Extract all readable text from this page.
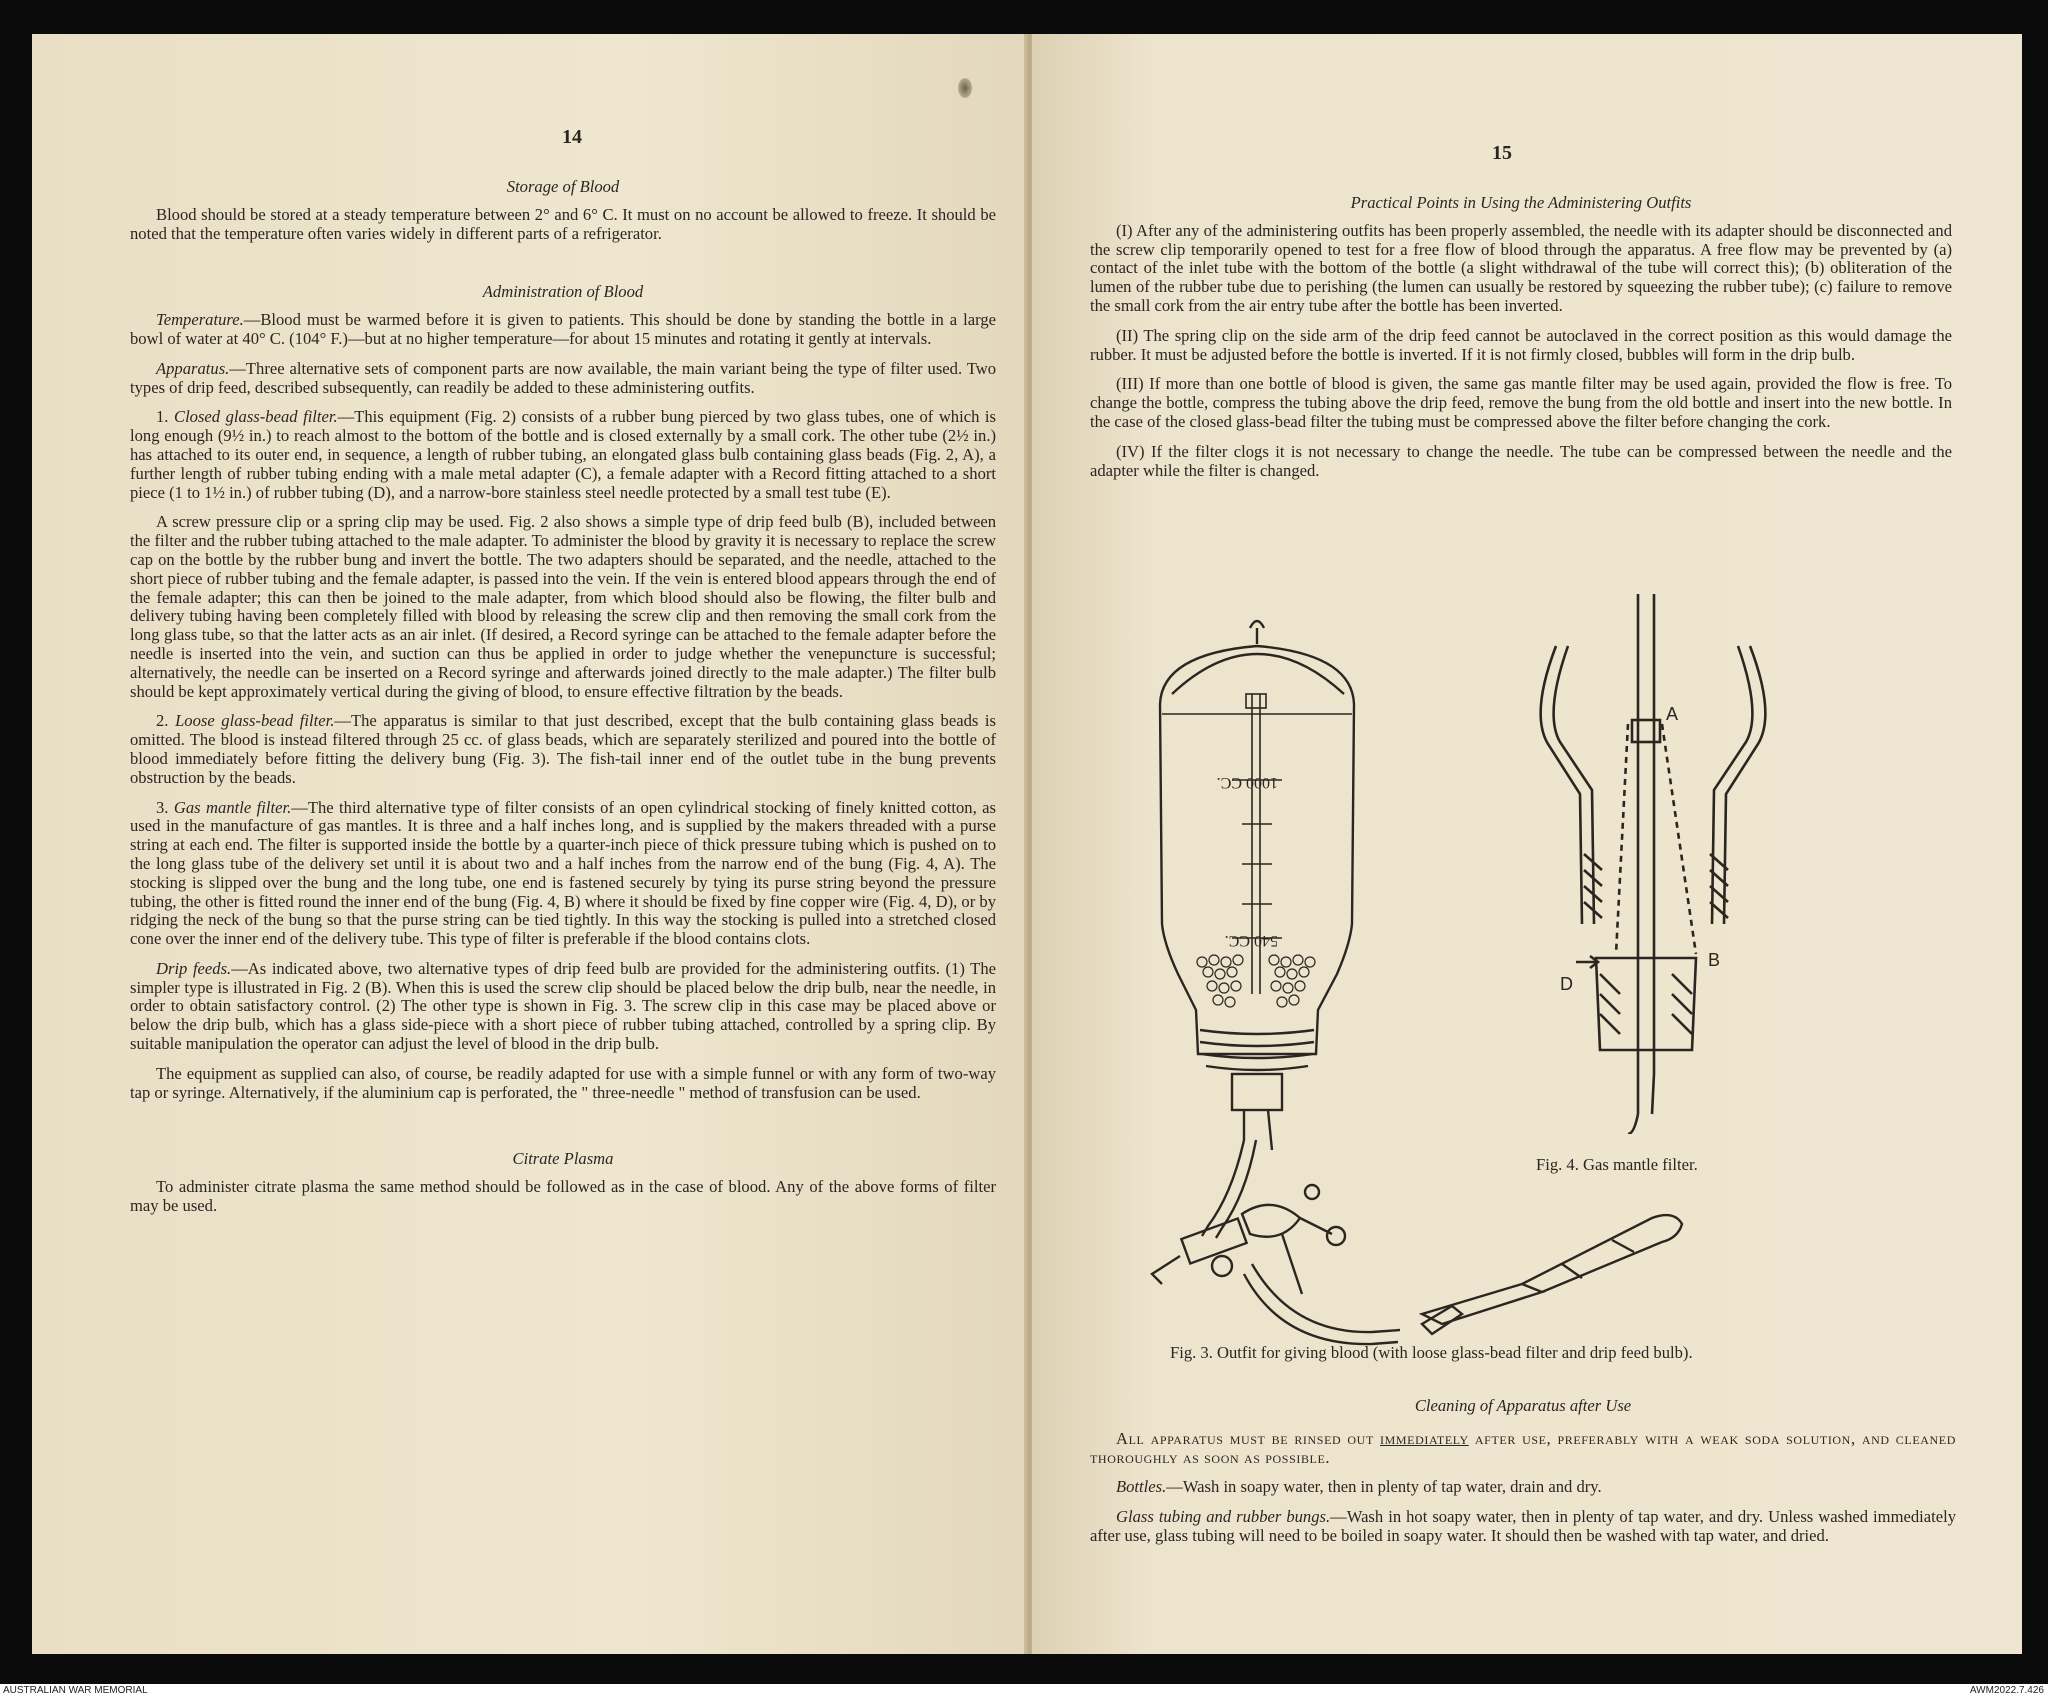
14
Storage of Blood

Blood should be stored at a steady temperature between 2° and 6° C. It must on no account be allowed to freeze. It should be noted that the temperature often varies widely in different parts of a refrigerator.

Administration of Blood

Temperature.—Blood must be warmed before it is given to patients. This should be done by standing the bottle in a large bowl of water at 40° C. (104° F.)—but at no higher temperature—for about 15 minutes and rotating it gently at intervals.

Apparatus.—Three alternative sets of component parts are now available, the main variant being the type of filter used. Two types of drip feed, described subsequently, can readily be added to these administering outfits.

1. Closed glass-bead filter.—This equipment (Fig. 2) consists of a rubber bung pierced by two glass tubes, one of which is long enough (9½ in.) to reach almost to the bottom of the bottle and is closed externally by a small cork. The other tube (2½ in.) has attached to its outer end, in sequence, a length of rubber tubing, an elongated glass bulb containing glass beads (Fig. 2, A), a further length of rubber tubing ending with a male metal adapter (C), a female adapter with a Record fitting attached to a short piece (1 to 1½ in.) of rubber tubing (D), and a narrow-bore stainless steel needle protected by a small test tube (E).

A screw pressure clip or a spring clip may be used. Fig. 2 also shows a simple type of drip feed bulb (B), included between the filter and the rubber tubing attached to the male adapter. To administer the blood by gravity it is necessary to replace the screw cap on the bottle by the rubber bung and invert the bottle. The two adapters should be separated, and the needle, attached to the short piece of rubber tubing and the female adapter, is passed into the vein. If the vein is entered blood appears through the end of the female adapter; this can then be joined to the male adapter, from which blood should also be flowing, the filter bulb and delivery tubing having been completely filled with blood by releasing the screw clip and then removing the small cork from the long glass tube, so that the latter acts as an air inlet. (If desired, a Record syringe can be attached to the female adapter before the needle is inserted into the vein, and suction can thus be applied in order to judge whether the venepuncture is successful; alternatively, the needle can be inserted on a Record syringe and afterwards joined directly to the male adapter.) The filter bulb should be kept approximately vertical during the giving of blood, to ensure effective filtration by the beads.

2. Loose glass-bead filter.—The apparatus is similar to that just described, except that the bulb containing glass beads is omitted. The blood is instead filtered through 25 cc. of glass beads, which are separately sterilized and poured into the bottle of blood immediately before fitting the delivery bung (Fig. 3). The fish-tail inner end of the outlet tube in the bung prevents obstruction by the beads.

3. Gas mantle filter.—The third alternative type of filter consists of an open cylindrical stocking of finely knitted cotton, as used in the manufacture of gas mantles. It is three and a half inches long, and is supplied by the makers threaded with a purse string at each end. The filter is supported inside the bottle by a quarter-inch piece of thick pressure tubing which is pushed on to the long glass tube of the delivery set until it is about two and a half inches from the narrow end of the bung (Fig. 4, A). The stocking is slipped over the bung and the long tube, one end is fastened securely by tying its purse string beyond the pressure tubing, the other is fitted round the inner end of the bung (Fig. 4, B) where it should be fixed by fine copper wire (Fig. 4, D), or by ridging the neck of the bung so that the purse string can be tied tightly. In this way the stocking is pulled into a stretched closed cone over the inner end of the delivery tube. This type of filter is preferable if the blood contains clots.

Drip feeds.—As indicated above, two alternative types of drip feed bulb are provided for the administering outfits. (1) The simpler type is illustrated in Fig. 2 (B). When this is used the screw clip should be placed below the drip bulb, near the needle, in order to obtain satisfactory control. (2) The other type is shown in Fig. 3. The screw clip in this case may be placed above or below the drip bulb, which has a glass side-piece with a short piece of rubber tubing attached, controlled by a spring clip. By suitable manipulation the operator can adjust the level of blood in the drip bulb.

The equipment as supplied can also, of course, be readily adapted for use with a simple funnel or with any form of two-way tap or syringe. Alternatively, if the aluminium cap is perforated, the " three-needle " method of transfusion can be used.

Citrate Plasma

To administer citrate plasma the same method should be followed as in the case of blood. Any of the above forms of filter may be used.

15
Practical Points in Using the Administering Outfits

(I) After any of the administering outfits has been properly assembled, the needle with its adapter should be disconnected and the screw clip temporarily opened to test for a free flow of blood through the apparatus. A free flow may be prevented by (a) contact of the inlet tube with the bottom of the bottle (a slight withdrawal of the tube will correct this); (b) obliteration of the lumen of the rubber tube due to perishing (the lumen can usually be restored by squeezing the rubber tube); (c) failure to remove the small cork from the air entry tube after the bottle has been inverted.

(II) The spring clip on the side arm of the drip feed cannot be autoclaved in the correct position as this would damage the rubber. It must be adjusted before the bottle is inverted. If it is not firmly closed, bubbles will form in the drip bulb.

(III) If more than one bottle of blood is given, the same gas mantle filter may be used again, provided the flow is free. To change the bottle, compress the tubing above the drip feed, remove the bung from the old bottle and insert into the new bottle. In the case of the closed glass-bead filter the tubing must be compressed above the filter before changing the cork.

(IV) If the filter clogs it is not necessary to change the needle. The tube can be compressed between the needle and the adapter while the filter is changed.

1000 CC.
540 CC.
A
B
D
Fig. 4. Gas mantle filter.
Fig. 3. Outfit for giving blood (with loose glass-bead filter and drip feed bulb).
Cleaning of Apparatus after Use

All apparatus must be rinsed out immediately after use, preferably with a weak soda solution, and cleaned thoroughly as soon as possible.

Bottles.—Wash in soapy water, then in plenty of tap water, drain and dry.

Glass tubing and rubber bungs.—Wash in hot soapy water, then in plenty of tap water, and dry. Unless washed immediately after use, glass tubing will need to be boiled in soapy water. It should then be washed with tap water, and dried.

AUSTRALIAN WAR MEMORIAL	AWM2022.7.426
